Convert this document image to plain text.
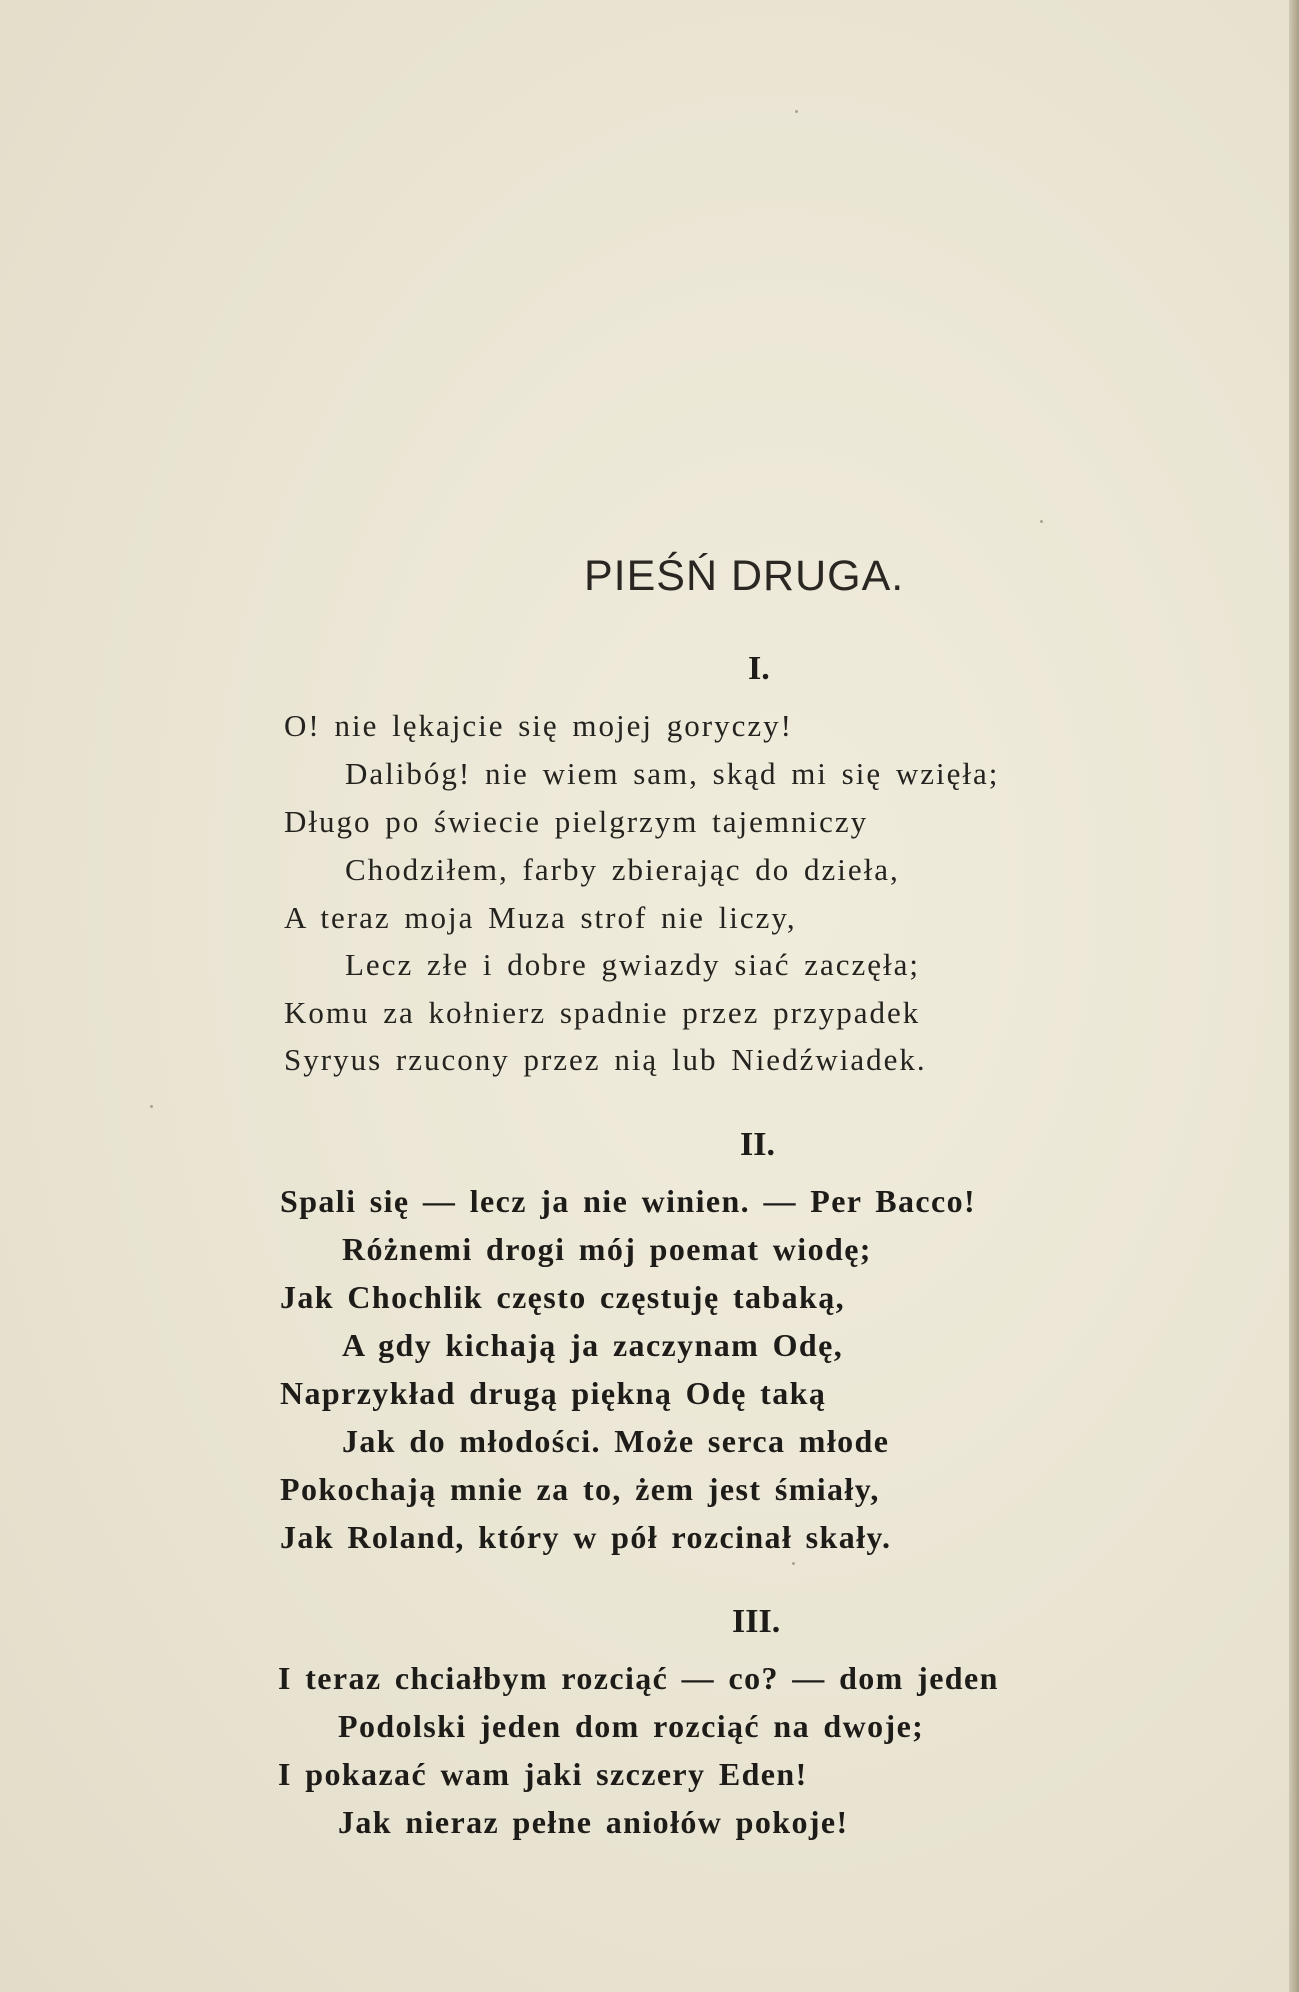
PIEŚŃ DRUGA.
I.
O! nie lękajcie się mojej goryczy!
Dalibóg! nie wiem sam, skąd mi się wzięła;
Długo po świecie pielgrzym tajemniczy
Chodziłem, farby zbierając do dzieła,
A teraz moja Muza strof nie liczy,
Lecz złe i dobre gwiazdy siać zaczęła;
Komu za kołnierz spadnie przez przypadek
Syryus rzucony przez nią lub Niedźwiadek.
II.
Spali się — lecz ja nie winien. — Per Bacco!
Różnemi drogi mój poemat wiodę;
Jak Chochlik często częstuję tabaką,
A gdy kichają ja zaczynam Odę,
Naprzykład drugą piękną Odę taką
Jak do młodości. Może serca młode
Pokochają mnie za to, żem jest śmiały,
Jak Roland, który w pół rozcinał skały.
III.
I teraz chciałbym rozciąć — co? — dom jeden
Podolski jeden dom rozciąć na dwoje;
I pokazać wam jaki szczery Eden!
Jak nieraz pełne aniołów pokoje!
